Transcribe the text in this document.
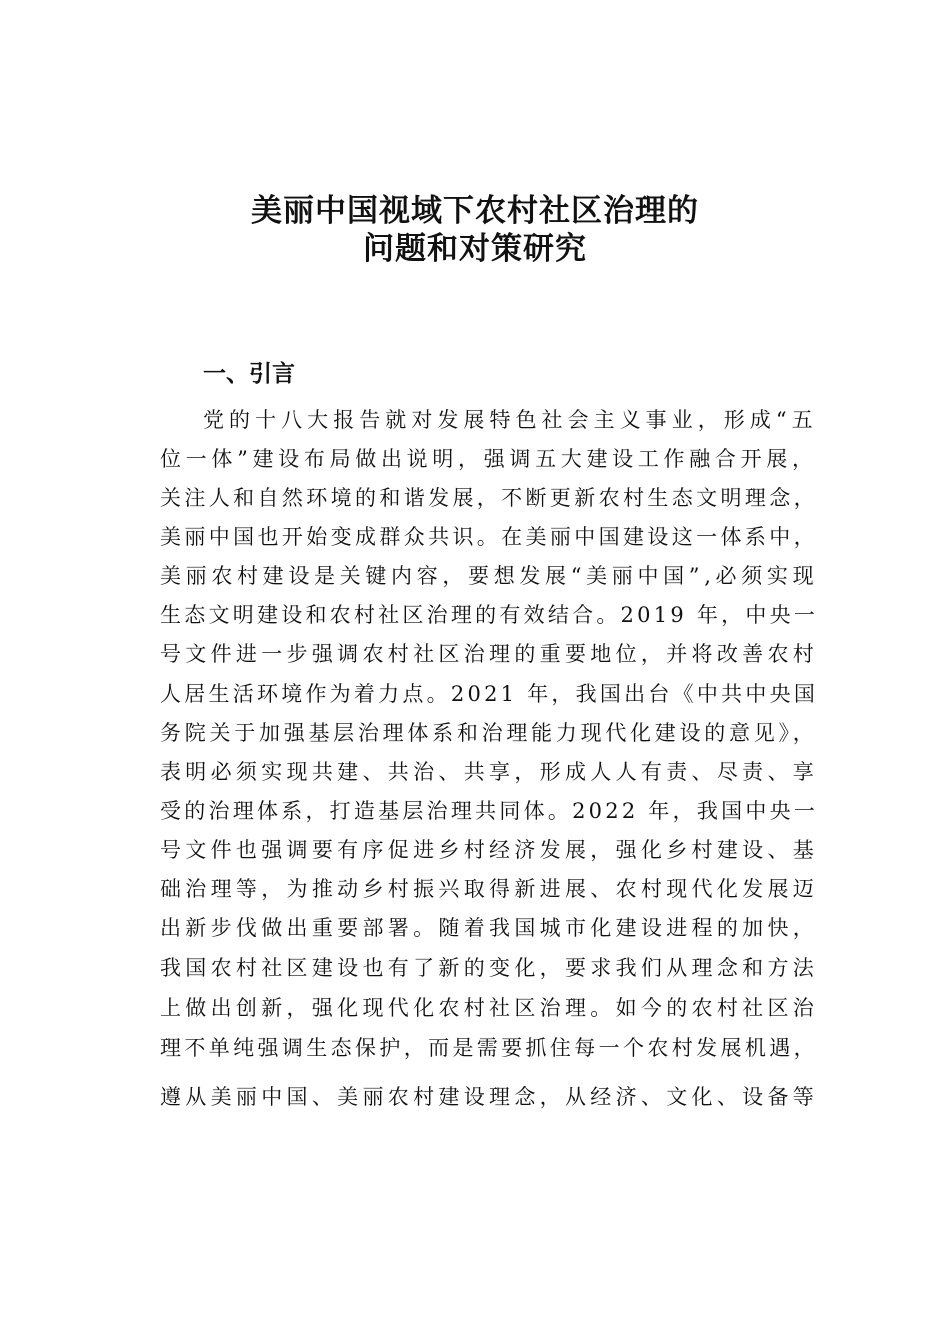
美丽中国视域下农村社区治理的
问题和对策研究
一、引言
党的十八大报告就对发展特色社会主义事业，形成“五
位一体”建设布局做出说明，强调五大建设工作融合开展，
关注人和自然环境的和谐发展，不断更新农村生态文明理念，
美丽中国也开始变成群众共识。在美丽中国建设这一体系中，
美丽农村建设是关键内容，要想发展“美丽中国”,必须实现
生态文明建设和农村社区治理的有效结合。2019 年，中央一
号文件进一步强调农村社区治理的重要地位，并将改善农村
人居生活环境作为着力点。2021 年，我国出台《中共中央国
务院关于加强基层治理体系和治理能力现代化建设的意见》，
表明必须实现共建、共治、共享，形成人人有责、尽责、享
受的治理体系，打造基层治理共同体。2022 年，我国中央一
号文件也强调要有序促进乡村经济发展，强化乡村建设、基
础治理等，为推动乡村振兴取得新进展、农村现代化发展迈
出新步伐做出重要部署。随着我国城市化建设进程的加快，
我国农村社区建设也有了新的变化，要求我们从理念和方法
上做出创新，强化现代化农村社区治理。如今的农村社区治
理不单纯强调生态保护，而是需要抓住每一个农村发展机遇，
遵从美丽中国、美丽农村建设理念，从经济、文化、设备等
